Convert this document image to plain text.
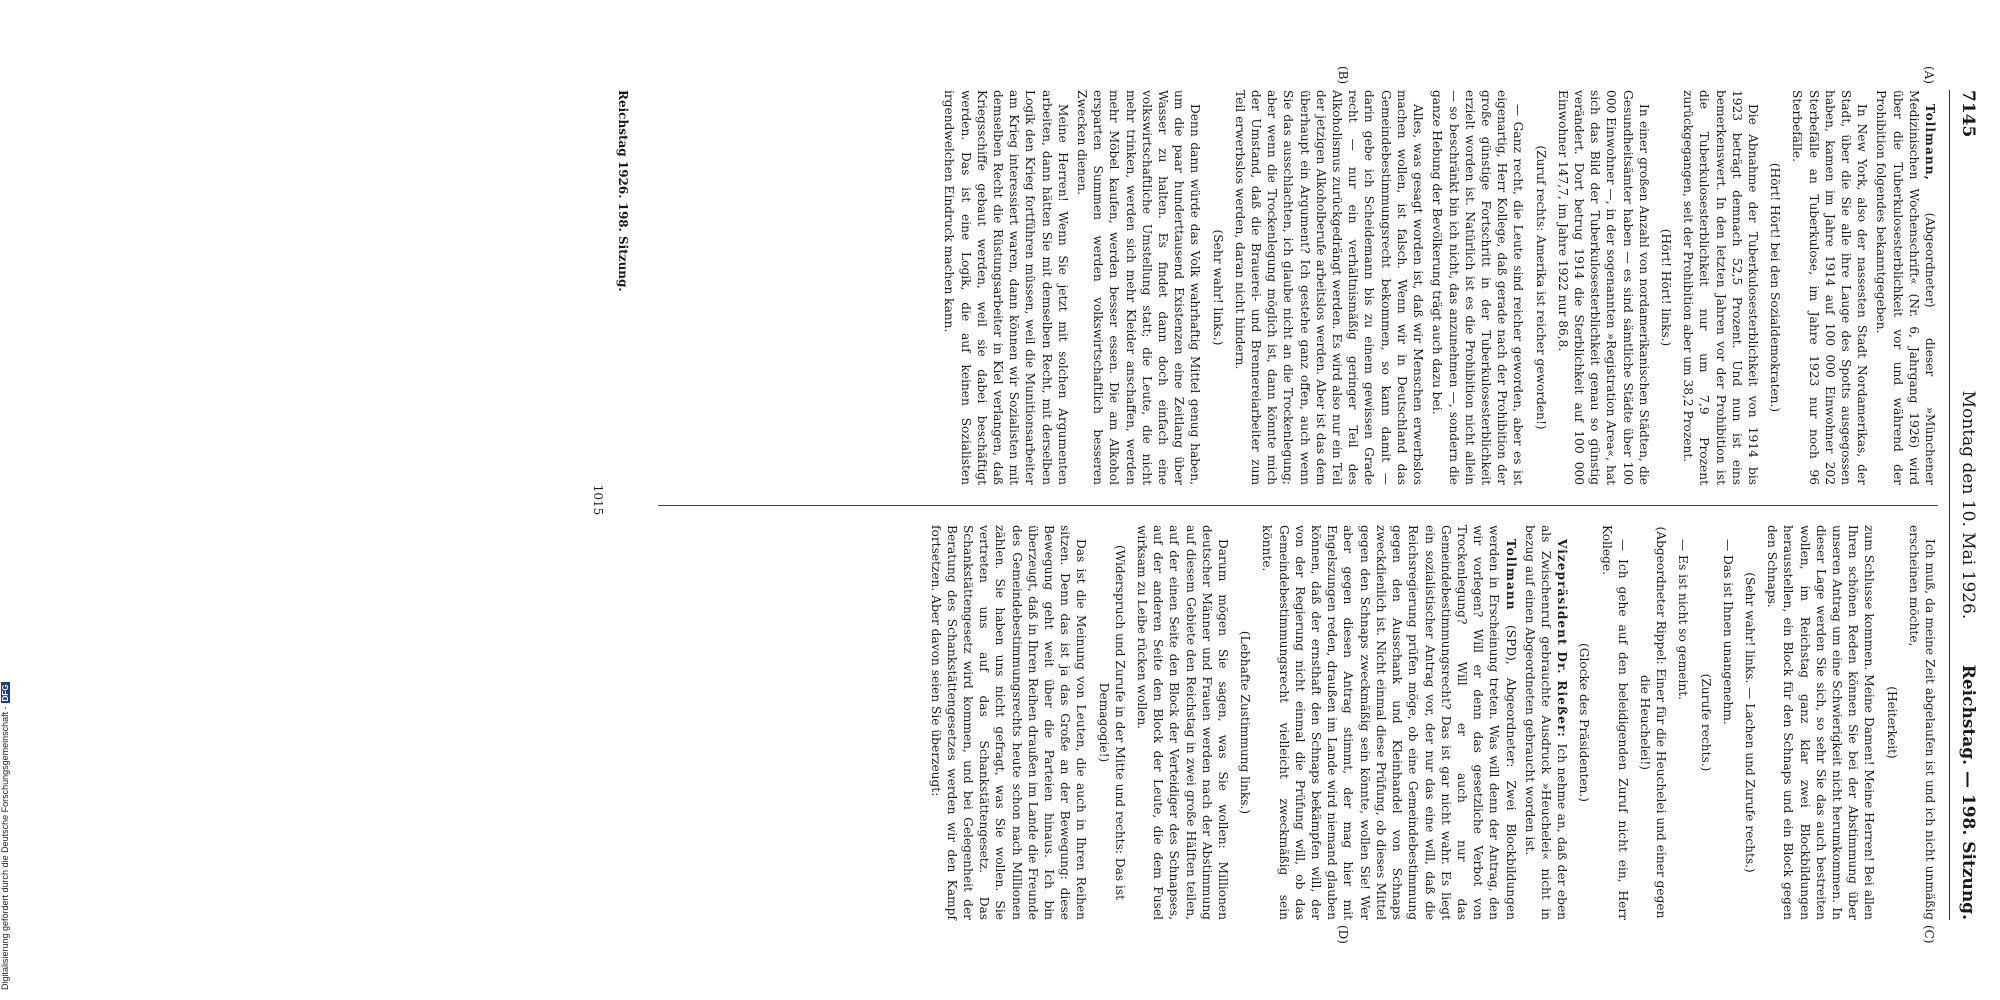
Reichstag. — 198. Sitzung.
Montag den 10. Mai 1926.
7145
(A)
(B)
(C)
(D)

Tollmann, (Abgeordneter) dieser »Münchener Medizinischen Wochenschrift« (Nr. 6, Jahrgang 1926) wird über die Tuberkulosesterblichkeit vor und während der Prohibition folgendes bekanntgegeben.

In New York, also der nassesten Stadt Nordamerikas, der Stadt, über die Sie alle ihre Lauge des Spotts ausgegossen haben, kamen im Jahre 1914 auf 100 000 Einwohner 202 Sterbefälle an Tuberkulose, im Jahre 1923 nur noch 96 Sterbefälle.

(Hört! Hört! bei den Sozialdemokraten.)

Die Abnahme der Tuberkulosesterblichkeit von 1914 bis 1923 beträgt demnach 52,5 Prozent. Und nun ist eins bemerkenswert. In den letzten Jahren vor der Prohibition ist die Tuberkulosesterblichkeit nur um 7,9 Prozent zurückgegangen, seit der Prohibition aber um 38,2 Prozent.

(Hört! Hört! links.)

In einer großen Anzahl von nordamerikanischen Städten, die Gesundheitsämter haben — es sind sämtliche Städte über 100 000 Einwohner —, in der sogenannten »Registration Area«, hat sich das Bild der Tuberkulosesterblichkeit genau so günstig verändert. Dort betrug 1914 die Sterblichkeit auf 100 000 Einwohner 147,7, im Jahre 1922 nur 86,8.

(Zuruf rechts: Amerika ist reicher geworden!)

— Ganz recht, die Leute sind reicher geworden, aber es ist eigenartig, Herr Kollege, daß gerade nach der Prohibition der große günstige Fortschritt in der Tuberkulosesterblichkeit erzielt worden ist. Natürlich ist es die Prohibition nicht allein — so beschränkt bin ich nicht, das anzunehmen —, sondern die ganze Hebung der Bevölkerung trägt auch dazu bei.

Alles, was gesagt worden ist, daß wir Menschen erwerbslos machen wollen, ist falsch. Wenn wir in Deutschland das Gemeindebestimmungsrecht bekommen, so kann damit — darin gebe ich Scheidemann bis zu einem gewissen Grade recht — nur ein verhältnismäßig geringer Teil des Alkoholismus zurückgedrängt werden. Es wird also nur ein Teil der jetzigen Alkoholberufe arbeitslos werden. Aber ist das dem überhaupt ein Argument? Ich gestehe ganz offen, auch wenn Sie das ausschlachten, ich glaube nicht an die Trockenlegung; aber wenn die Trockenlegung möglich ist, dann könnte mich der Umstand, daß die Brauerei- und Brennereiarbeiter zum Teil erwerbslos werden, daran nicht hindern.

(Sehr wahr! links.)

Denn dann würde das Volk wahrhaftig Mittel genug haben, um die paar hunderttausend Existenzen eine Zeitlang über Wasser zu halten. Es findet dann doch einfach eine volkswirtschaftliche Umstellung statt; die Leute, die nicht mehr trinken, werden sich mehr Kleider anschaffen, werden mehr Möbel kaufen, werden besser essen. Die am Alkohol ersparten Summen werden volkswirtschaftlich besseren Zwecken dienen.

Meine Herren! Wenn Sie jetzt mit solchen Argumenten arbeiten, dann hätten Sie mit demselben Recht, mit derselben Logik den Krieg fortführen müssen, weil die Munitionsarbeiter am Krieg interessiert waren, dann können wir Sozialisten mit demselben Recht die Rüstungsarbeiter in Kiel verlangen, daß Kriegsschiffe gebaut werden, weil sie dabei beschäftigt werden. Das ist eine Logik, die auf keinen Sozialisten irgendwelchen Eindruck machen kann.

Ich muß, da meine Zeit abgelaufen ist und ich nicht unmäßig erscheinen möchte,

(Heiterkeit)

zum Schlusse kommen. Meine Damen! Meine Herren! Bei allen Ihren schönen Reden können Sie bei der Abstimmung über unseren Antrag um eine Schwierigkeit nicht herumkommen. In dieser Lage werden Sie sich, so sehr Sie das auch bestreiten wollen, im Reichstag ganz klar zwei Blockbildungen herausstellen, ein Block für den Schnaps und ein Block gegen den Schnaps.

(Sehr wahr! links. — Lachen und Zurufe rechts.)

— Das ist Ihnen unangenehm.

(Zurufe rechts.)

— Es ist nicht so gemeint.

(Abgeordneter Rippel: Einer für die Heuchelei und einer gegen die Heuchelei!)

— Ich gehe auf den beleidigenden Zuruf nicht ein, Herr Kollege.

(Glocke des Präsidenten.)

Vizepräsident Dr. Rießer: Ich nehme an, daß der eben als Zwischenruf gebrauchte Ausdruck »Heuchelei« nicht in bezug auf einen Abgeordneten gebraucht worden ist.

Tollmann (SPD), Abgeordneter: Zwei Blockbildungen werden in Erscheinung treten. Was will denn der Antrag, den wir vorlegen? Will er denn das gesetzliche Verbot von Trockenlegung? Will er auch nur das Gemeindebestimmungsrecht? Das ist gar nicht wahr. Es liegt ein sozialistischer Antrag vor, der nur das eine will, daß die Reichsregierung prüfen möge, ob eine Gemeindebestimmung gegen den Ausschank und Kleinhandel von Schnaps zweckdienlich ist. Nicht einmal diese Prüfung, ob dieses Mittel gegen den Schnaps zweckmäßig sein könnte, wollen Sie! Wer aber gegen diesen Antrag stimmt, der mag hier mit Engelszungen reden, draußen im Lande wird niemand glauben können, daß der ernsthaft den Schnaps bekämpfen will, der von der Regierung nicht einmal die Prüfung will, ob das Gemeindebestimmungsrecht vielleicht zweckmäßig sein könnte.

(Lebhafte Zustimmung links.)

Darum mögen Sie sagen, was Sie wollen: Millionen deutscher Männer und Frauen werden nach der Abstimmung auf diesem Gebiete den Reichstag in zwei große Hälften teilen, auf der einen Seite den Block der Verteidiger des Schnapses, auf der anderen Seite den Block der Leute, die dem Fusel wirksam zu Leibe rücken wollen.

(Widerspruch und Zurufe in der Mitte und rechts: Das ist Demagogie!)

Das ist die Meinung von Leuten, die auch in Ihren Reihen sitzen. Denn das ist ja das Große an der Bewegung: diese Bewegung geht weit über die Parteien hinaus. Ich bin überzeugt, daß in Ihren Reihen draußen im Lande die Freunde des Gemeindebestimmungsrechts heute schon nach Millionen zählen. Sie haben uns nicht gefragt, was Sie wollen. Sie vertreten uns auf das Schankstättengesetz. Das Schankstättengesetz wird kommen, und bei Gelegenheit der Beratung des Schankstättengesetzes werden wir den Kampf fortsetzen. Aber davon seien Sie überzeugt:

Reichstag 1926. 198. Sitzung.
1015
Digitalisierung gefördert durch die Deutsche Forschungsgemeinschaft -DFG
